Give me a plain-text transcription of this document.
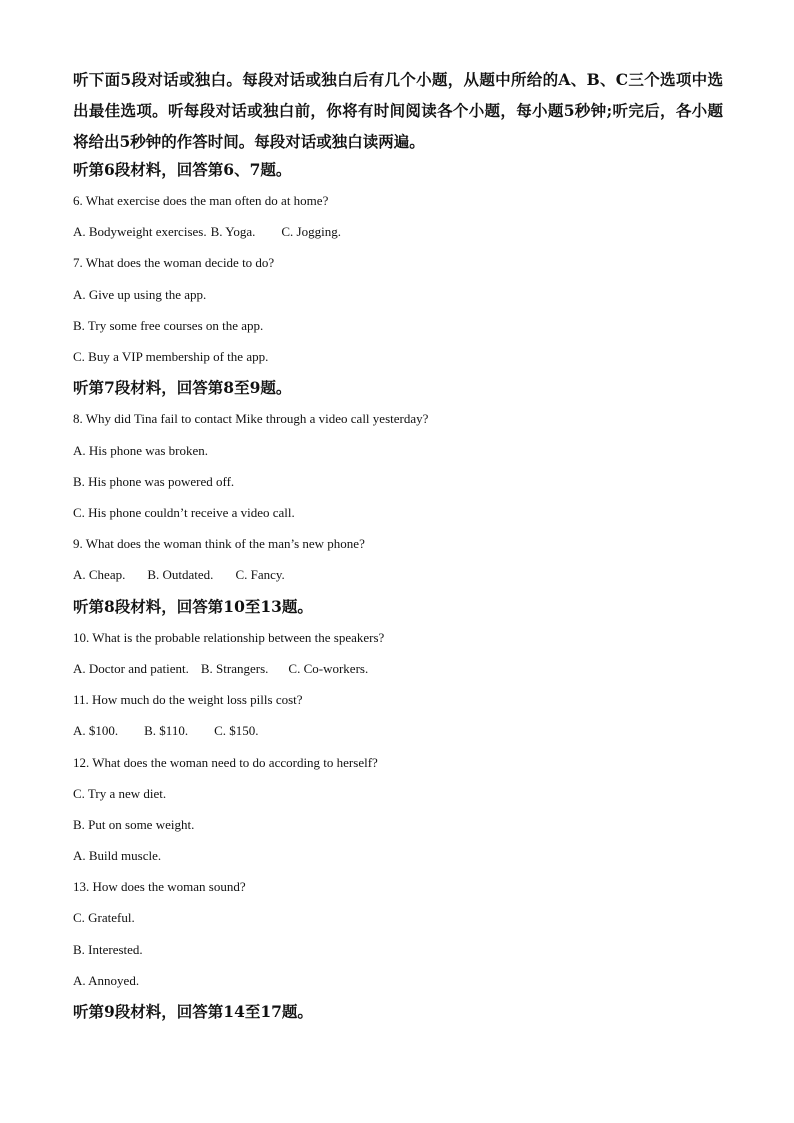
听下面5段对话或独白。每段对话或独白后有几个小题，从题中所给的A、B、C三个选项中选出最佳选项。听每段对话或独白前，你将有时间阅读各个小题，每小题5秒钟;听完后，各小题将给出5秒钟的作答时间。每段对话或独白读两遍。

听第6段材料，回答第6、7题。
6. What exercise does the man often do at home?
A. Bodyweight exercises. B. Yoga. C. Jogging.
7. What does the woman decide to do?
A. Give up using the app.
B. Try some free courses on the app.
C. Buy a VIP membership of the app.
听第7段材料，回答第8至9题。
8. Why did Tina fail to contact Mike through a video call yesterday?
A. His phone was broken.
B. His phone was powered off.
C. His phone couldn’t receive a video call.
9. What does the woman think of the man’s new phone?
A. Cheap. B. Outdated. C. Fancy.
听第8段材料，回答第10至13题。
10. What is the probable relationship between the speakers?
A. Doctor and patient. B. Strangers. C. Co-workers.
11. How much do the weight loss pills cost?
A. $100. B. $110. C. $150.
12. What does the woman need to do according to herself?
C. Try a new diet.
B. Put on some weight.
A. Build muscle.
13. How does the woman sound?
C. Grateful.
B. Interested.
A. Annoyed.
听第9段材料，回答第14至17题。
